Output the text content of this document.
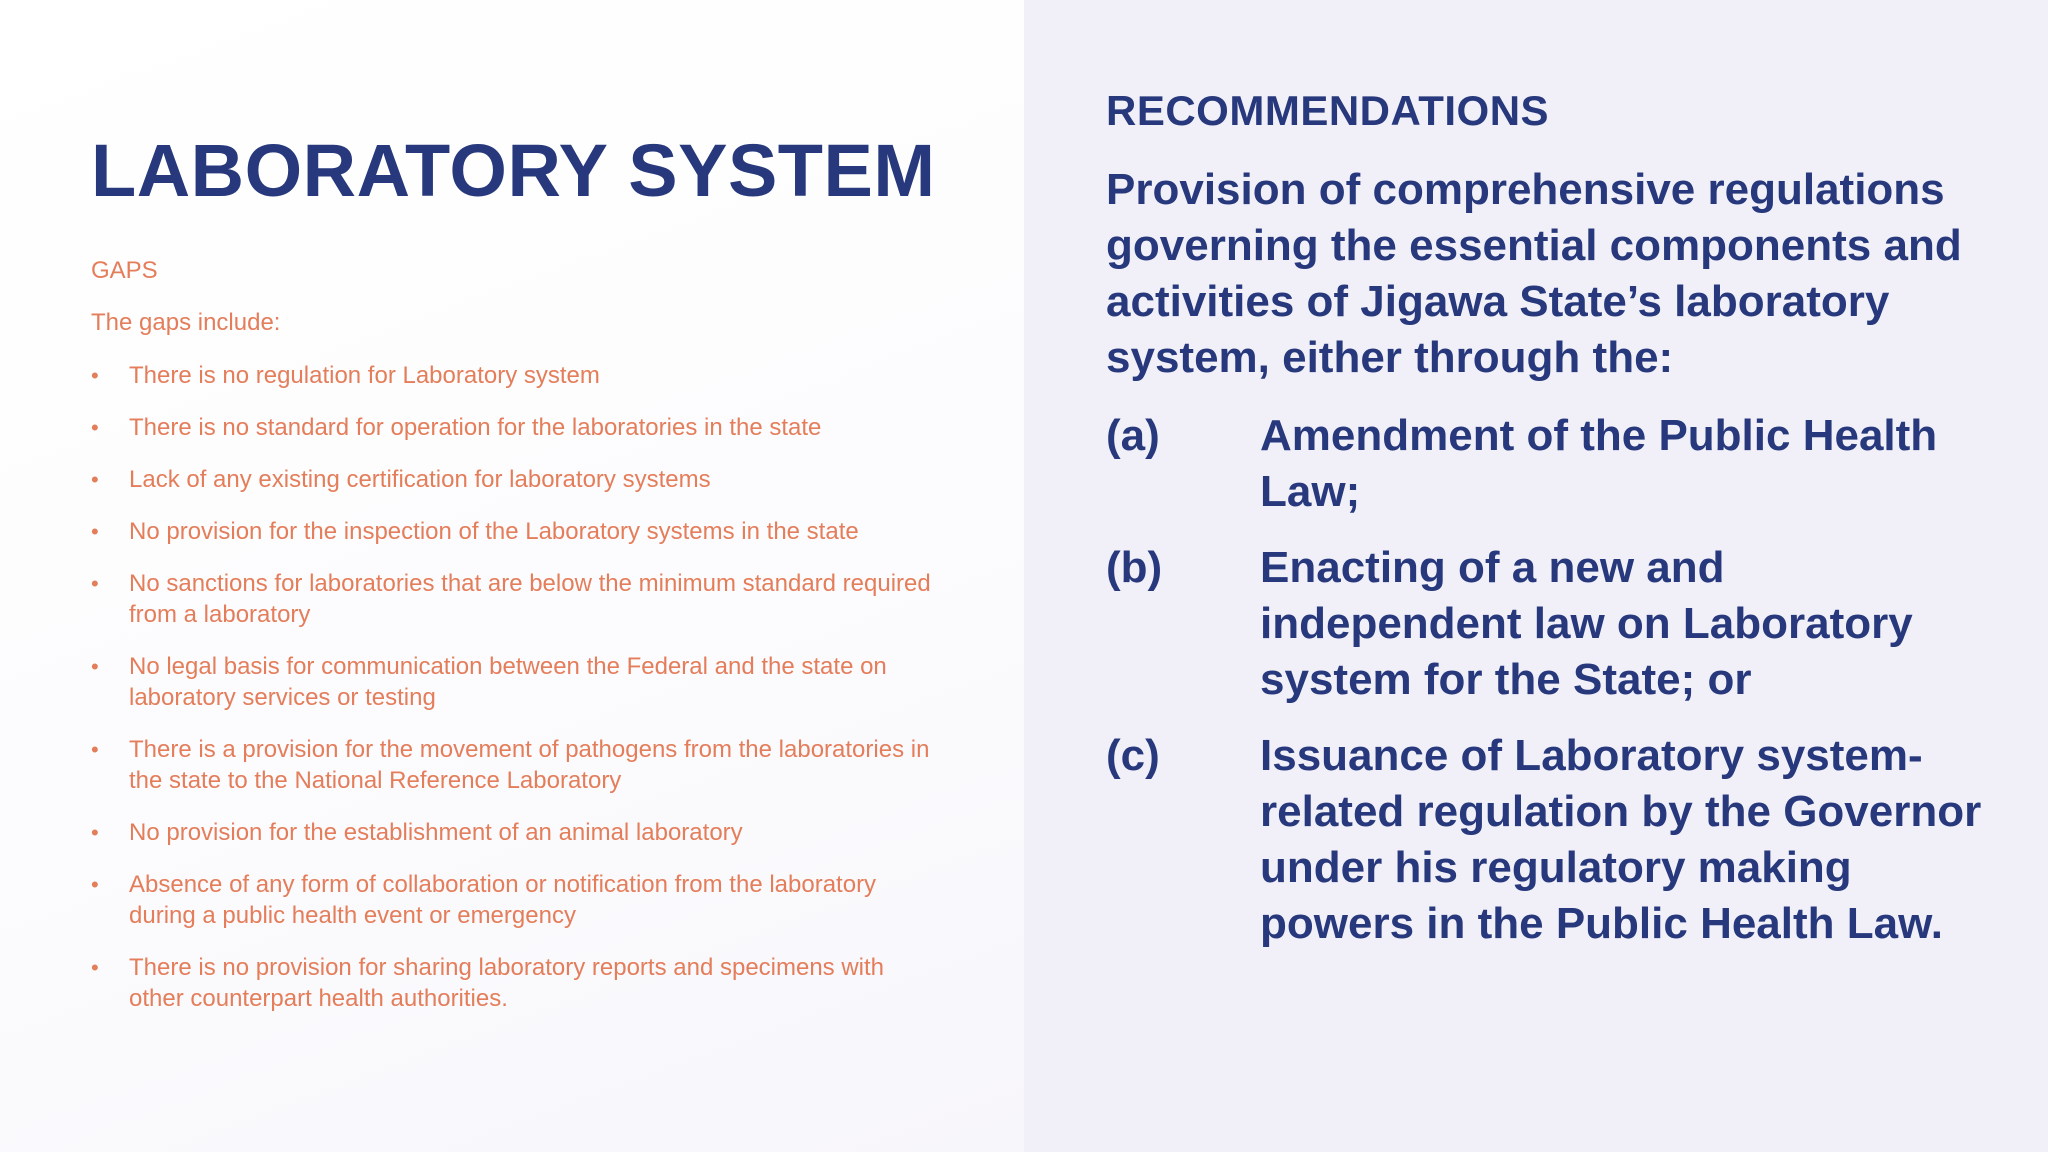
LABORATORY SYSTEM
GAPS
The gaps include:
•	There is no regulation for Laboratory system
•	There is no standard for operation for the laboratories in the state
•	Lack of any existing certification for laboratory systems
•	No provision for the inspection of the Laboratory systems in the state
•	No sanctions for laboratories that are below the minimum standard required from a laboratory
•	No legal basis for communication between the Federal and the state on laboratory services or testing
•	There is a provision for the movement of pathogens from the laboratories in the state to the National Reference Laboratory
•	No provision for the establishment of an animal laboratory
•	Absence of any form of collaboration or notification from the laboratory during a public health event or emergency
•	There is no provision for sharing laboratory reports and specimens with other counterpart health authorities.
RECOMMENDATIONS
Provision of comprehensive regulations governing the essential components and activities of Jigawa State’s laboratory system, either through the:
(a) Amendment of the Public Health Law;
(b) Enacting of a new and independent law on Laboratory system for the State; or
(c) Issuance of Laboratory system-related regulation by the Governor under his regulatory making powers in the Public Health Law.
